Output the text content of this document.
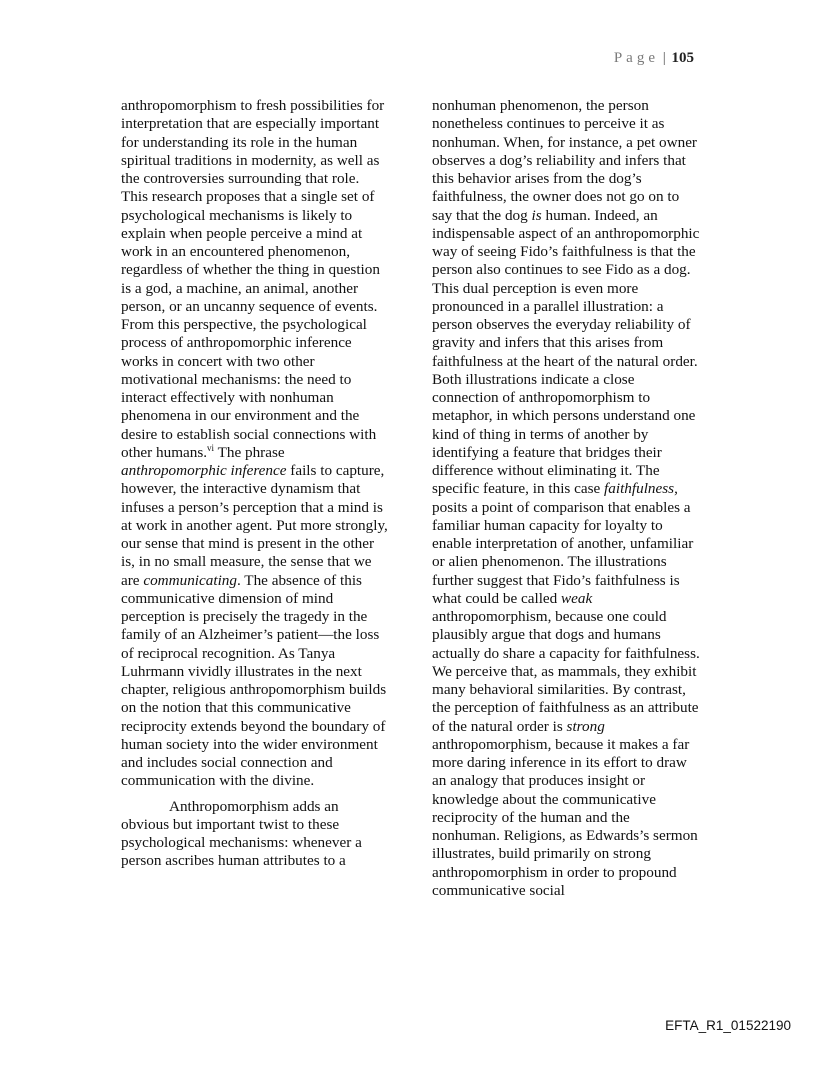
Page | 105

anthropomorphism to fresh possibilities for interpretation that are especially important for understanding its role in the human spiritual traditions in modernity, as well as the controversies surrounding that role. This research proposes that a single set of psychological mechanisms is likely to explain when people perceive a mind at work in an encountered phenomenon, regardless of whether the thing in question is a god, a machine, an animal, another person, or an uncanny sequence of events. From this perspective, the psychological process of anthropomorphic inference works in concert with two other motivational mechanisms: the need to interact effectively with nonhuman phenomena in our environment and the desire to establish social connections with other humans.$^{vi}$ The phrase anthropomorphic inference fails to capture, however, the interactive dynamism that infuses a person’s perception that a mind is at work in another agent. Put more strongly, our sense that mind is present in the other is, in no small measure, the sense that we are communicating. The absence of this communicative dimension of mind perception is precisely the tragedy in the family of an Alzheimer’s patient—the loss of reciprocal recognition. As Tanya Luhrmann vividly illustrates in the next chapter, religious anthropomorphism builds on the notion that this communicative reciprocity extends beyond the boundary of human society into the wider environment and includes social connection and communication with the divine.

Anthropomorphism adds an obvious but important twist to these psychological mechanisms: whenever a person ascribes human attributes to a

nonhuman phenomenon, the person nonetheless continues to perceive it as nonhuman. When, for instance, a pet owner observes a dog’s reliability and infers that this behavior arises from the dog’s faithfulness, the owner does not go on to say that the dog is human. Indeed, an indispensable aspect of an anthropomorphic way of seeing Fido’s faithfulness is that the person also continues to see Fido as a dog. This dual perception is even more pronounced in a parallel illustration: a person observes the everyday reliability of gravity and infers that this arises from faithfulness at the heart of the natural order. Both illustrations indicate a close connection of anthropomorphism to metaphor, in which persons understand one kind of thing in terms of another by identifying a feature that bridges their difference without eliminating it. The specific feature, in this case faithfulness, posits a point of comparison that enables a familiar human capacity for loyalty to enable interpretation of another, unfamiliar or alien phenomenon. The illustrations further suggest that Fido’s faithfulness is what could be called weak anthropomorphism, because one could plausibly argue that dogs and humans actually do share a capacity for faithfulness. We perceive that, as mammals, they exhibit many behavioral similarities. By contrast, the perception of faithfulness as an attribute of the natural order is strong anthropomorphism, because it makes a far more daring inference in its effort to draw an analogy that produces insight or knowledge about the communicative reciprocity of the human and the nonhuman. Religions, as Edwards’s sermon illustrates, build primarily on strong anthropomorphism in order to propound communicative social

EFTA_R1_01522190
